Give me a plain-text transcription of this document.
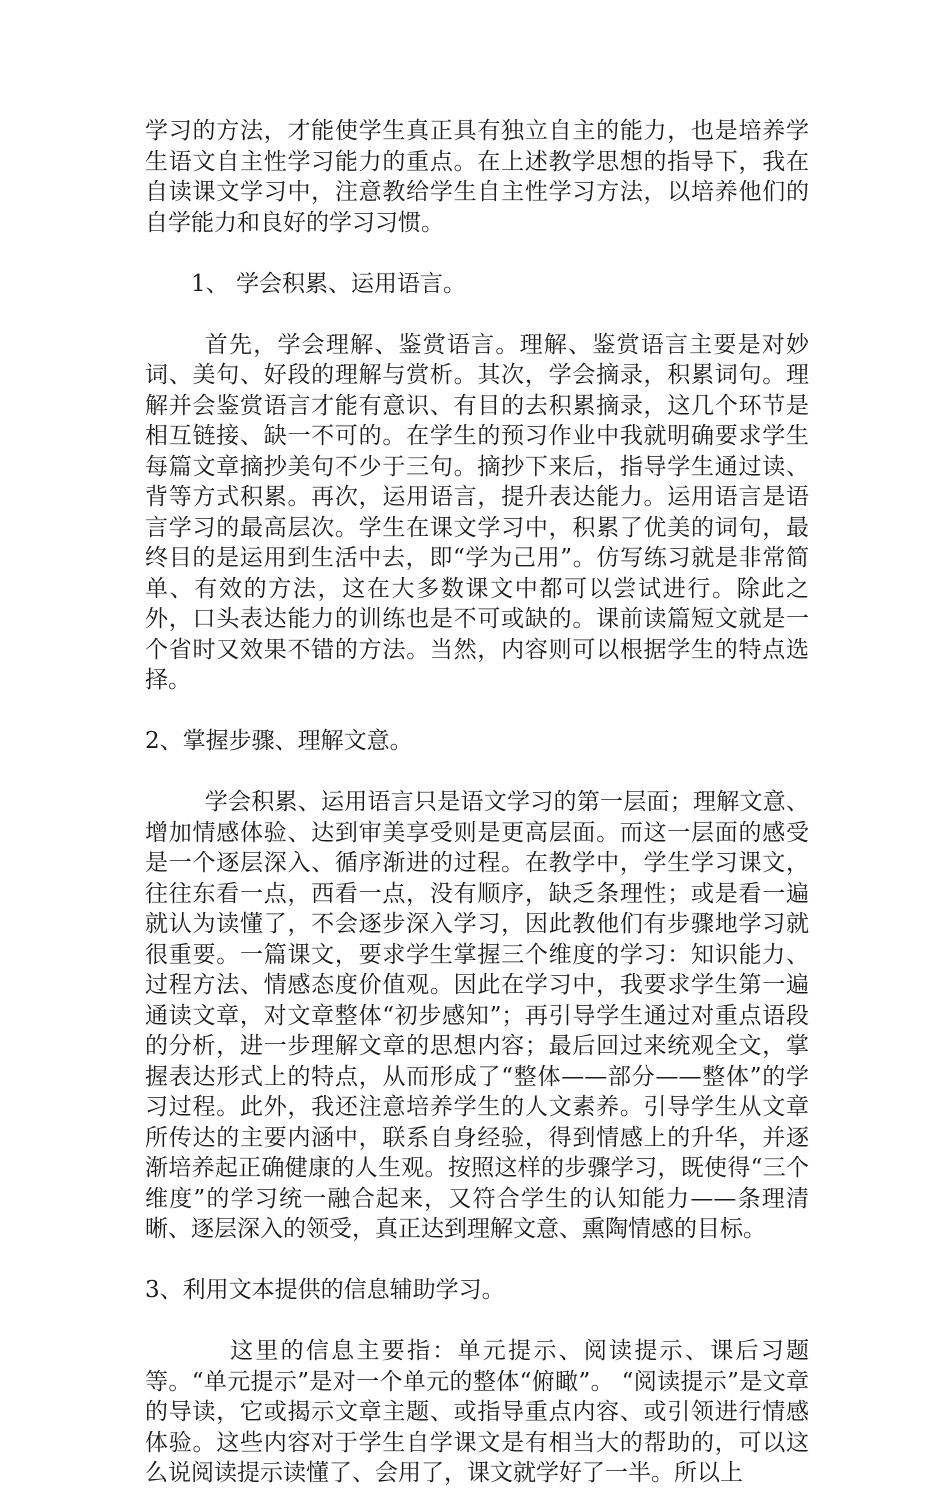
学习的方法，才能使学生真正具有独立自主的能力，也是培养学生语文自主性学习能力的重点。在上述教学思想的指导下，我在自读课文学习中，注意教给学生自主性学习方法，以培养他们的自学能力和良好的学习习惯。

1、 学会积累、运用语言。

首先，学会理解、鉴赏语言。理解、鉴赏语言主要是对妙词、美句、好段的理解与赏析。其次，学会摘录，积累词句。理解并会鉴赏语言才能有意识、有目的去积累摘录，这几个环节是相互链接、缺一不可的。在学生的预习作业中我就明确要求学生每篇文章摘抄美句不少于三句。摘抄下来后，指导学生通过读、背等方式积累。再次，运用语言，提升表达能力。运用语言是语言学习的最高层次。学生在课文学习中，积累了优美的词句，最终目的是运用到生活中去，即“学为己用”。仿写练习就是非常简单、有效的方法，这在大多数课文中都可以尝试进行。除此之外，口头表达能力的训练也是不可或缺的。课前读篇短文就是一个省时又效果不错的方法。当然，内容则可以根据学生的特点选择。

2、掌握步骤、理解文意。

学会积累、运用语言只是语文学习的第一层面；理解文意、增加情感体验、达到审美享受则是更高层面。而这一层面的感受是一个逐层深入、循序渐进的过程。在教学中，学生学习课文，往往东看一点，西看一点，没有顺序，缺乏条理性；或是看一遍就认为读懂了，不会逐步深入学习，因此教他们有步骤地学习就很重要。一篇课文，要求学生掌握三个维度的学习：知识能力、过程方法、情感态度价值观。因此在学习中，我要求学生第一遍通读文章，对文章整体“初步感知”；再引导学生通过对重点语段的分析，进一步理解文章的思想内容；最后回过来统观全文，掌握表达形式上的特点，从而形成了“整体——部分——整体”的学习过程。此外，我还注意培养学生的人文素养。引导学生从文章所传达的主要内涵中，联系自身经验，得到情感上的升华，并逐渐培养起正确健康的人生观。按照这样的步骤学习，既使得“三个维度”的学习统一融合起来，又符合学生的认知能力——条理清晰、逐层深入的领受，真正达到理解文意、熏陶情感的目标。

3、利用文本提供的信息辅助学习。

这里的信息主要指：单元提示、阅读提示、课后习题等。“单元提示”是对一个单元的整体“俯瞰”。 “阅读提示”是文章的导读，它或揭示文章主题、或指导重点内容、或引领进行情感体验。这些内容对于学生自学课文是有相当大的帮助的，可以这么说阅读提示读懂了、会用了，课文就学好了一半。所以上
